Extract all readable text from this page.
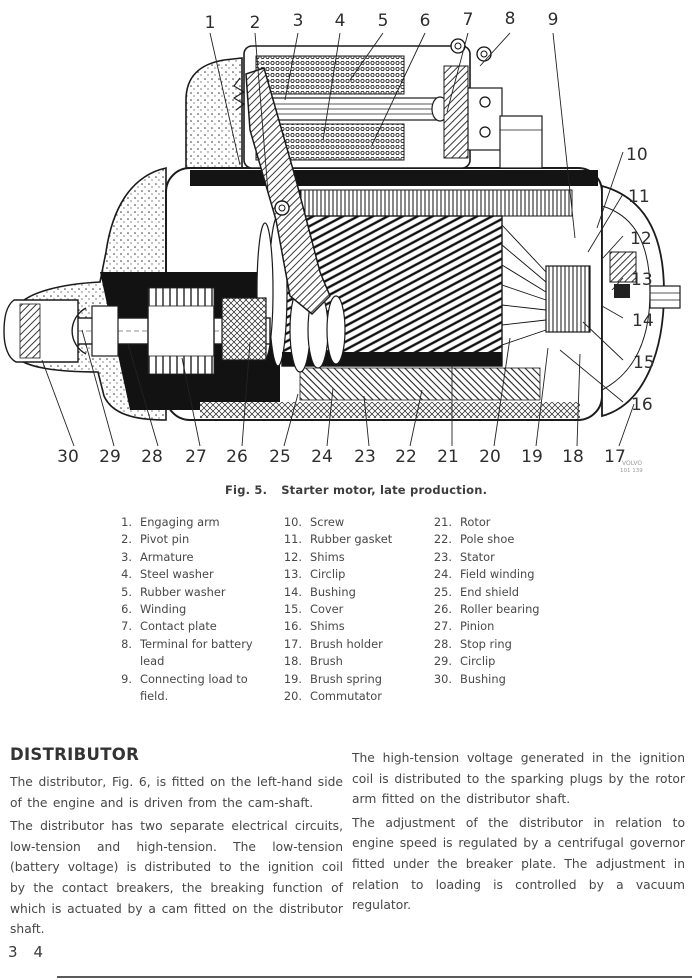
1 2 3 4 5 6 7 8 9
10
11
12
13
14
15
16
30 29 28 27 26 25 24 23 22 21 20 19 18 17
VOLVO
101 139
Fig. 5. Starter motor, late production.
1. Engaging arm
2. Pivot pin
3. Armature
4. Steel washer
5. Rubber washer
6. Winding
7. Contact plate
8. Terminal for battery lead
9. Connecting load to field.
10. Screw
11. Rubber gasket
12. Shims
13. Circlip
14. Bushing
15. Cover
16. Shims
17. Brush holder
18. Brush
19. Brush spring
20. Commutator
21. Rotor
22. Pole shoe
23. Stator
24. Field winding
25. End shield
26. Roller bearing
27. Pinion
28. Stop ring
29. Circlip
30. Bushing
DISTRIBUTOR

The distributor, Fig. 6, is fitted on the left-hand side of the engine and is driven from the cam-shaft.

The distributor has two separate electrical circuits, low-tension and high-tension. The low-tension (battery voltage) is distributed to the ignition coil by the contact breakers, the breaking function of which is actuated by a cam fitted on the distributor shaft.

The high-tension voltage generated in the ignition coil is distributed to the sparking plugs by the rotor arm fitted on the distributor shaft.

The adjustment of the distributor in relation to engine speed is regulated by a centrifugal governor fitted under the breaker plate. The adjustment in relation to loading is controlled by a vacuum regulator.

3 4
